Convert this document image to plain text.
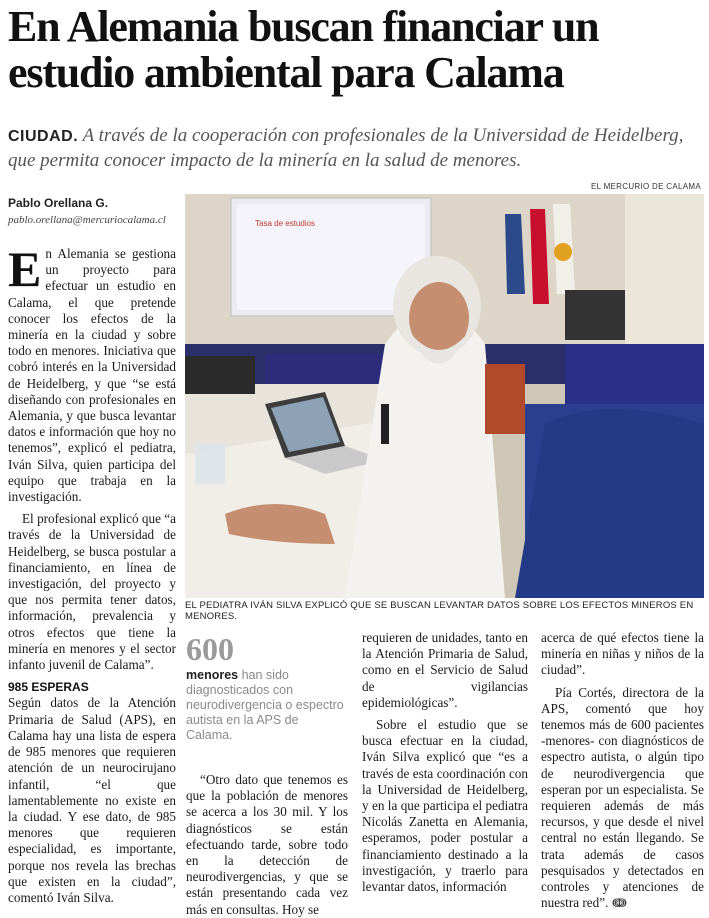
En Alemania buscan financiar un estudio ambiental para Calama
CIUDAD. A través de la cooperación con profesionales de la Universidad de Heidelberg, que permita conocer impacto de la minería en la salud de menores.
EL MERCURIO DE CALAMA
Pablo Orellana G.
pablo.orellana@mercuriocalama.cl	Tasa de estudios
EL PEDIATRA IVÁN SILVA EXPLICÓ QUE SE BUSCAN LEVANTAR DATOS SOBRE LOS EFECTOS MINEROS EN MENORES.

En Alemania se gestiona un proyecto para efectuar un estudio en Calama, el que pretende conocer los efectos de la minería en la ciudad y sobre todo en menores. Iniciativa que cobró interés en la Universidad de Heidelberg, y que “se está diseñando con profesionales en Alemania, y que busca levantar datos e información que hoy no tenemos”, explicó el pediatra, Iván Silva, quien participa del equipo que trabaja en la investigación.

El profesional explicó que “a través de la Universidad de Heidelberg, se busca postular a financiamiento, en línea de investigación, del proyecto y que nos permita tener datos, información, prevalencia y otros efectos que tiene la minería en menores y el sector infanto juvenil de Calama”.

985 ESPERAS

Según datos de la Atención Primaria de Salud (APS), en Calama hay una lista de espera de 985 menores que requieren atención de un neurocirujano infantil, “el que lamentablemente no existe en la ciudad. Y ese dato, de 985 menores que requieren especialidad, es importante, porque nos revela las brechas que existen en la ciudad”, comentó Iván Silva.

600
menores han sido diagnosticados con neurodivergencia o espectro autista en la APS de Calama.

“Otro dato que tenemos es que la población de menores se acerca a los 30 mil. Y los diagnósticos se están efectuando tarde, sobre todo en la detección de neurodivergencias, y que se están presentando cada vez más en consultas. Hoy se

requieren de unidades, tanto en la Atención Primaria de Salud, como en el Servicio de Salud de vigilancias epidemiológicas”.

Sobre el estudio que se busca efectuar en la ciudad, Iván Silva explicó que “es a través de esta coordinación con la Universidad de Heidelberg, y en la que participa el pediatra Nicolás Zanetta en Alemania, esperamos, poder postular a financiamiento destinado a la investigación, y traerlo para levantar datos, información

acerca de qué efectos tiene la minería en niñas y niños de la ciudad”.

Pía Cortés, directora de la APS, comentó que hoy tenemos más de 600 pacientes -menores- con diagnósticos de espectro autista, o algún tipo de neurodivergencia que esperan por un especialista. Se requieren además de más recursos, y que desde el nivel central no están llegando. Se trata además de casos pesquisados y detectados en controles y atenciones de nuestra red”. ↈ
